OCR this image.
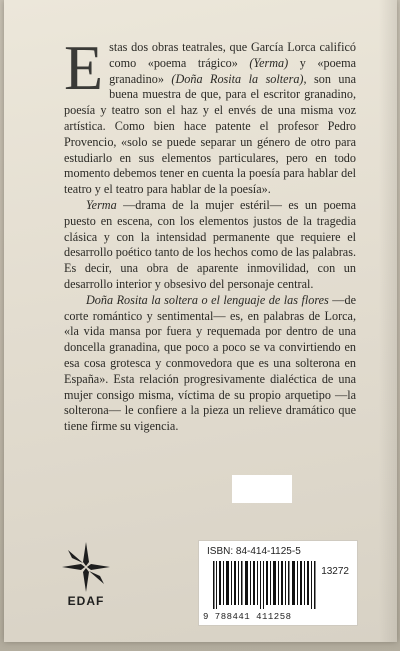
Estas dos obras teatrales, que García Lorca calificó como «poema trágico» (Yerma) y «poema granadino» (Doña Rosita la soltera), son una buena muestra de que, para el escritor granadino, poesía y teatro son el haz y el envés de una misma voz artística. Como bien hace patente el profesor Pedro Provencio, «solo se puede separar un género de otro para estudiarlo en sus elementos particulares, pero en todo momento debemos tener en cuenta la poesía para hablar del teatro y el teatro para hablar de la poesía».

Yerma —drama de la mujer estéril— es un poema puesto en escena, con los elementos justos de la tragedia clásica y con la intensidad permanente que requiere el desarrollo poético tanto de los hechos como de las palabras. Es decir, una obra de aparente inmovilidad, con un desarrollo interior y obsesivo del personaje central.

Doña Rosita la soltera o el lenguaje de las flores —de corte romántico y sentimental— es, en palabras de Lorca, «la vida mansa por fuera y requemada por dentro de una doncella granadina, que poco a poco se va convirtiendo en esa cosa grotesca y conmovedora que es una solterona en España». Esta relación progresivamente dialéctica de una mujer consigo misma, víctima de su propio arquetipo —la solterona— le confiere a la pieza un relieve dramático que tiene firme su vigencia.

EDAF
ISBN: 84-414-1125-5
13272
9 788441 411258
